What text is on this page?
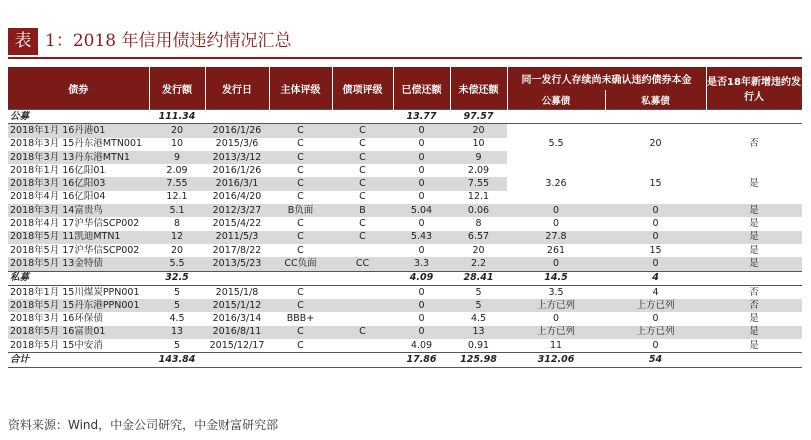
表 1：2018 年信用债违约情况汇总
债券	发行额	发行日	主体评级	债项评级	已偿还额	未偿还额	同一发行人存续尚未确认违约债券本金		是否18年新增违约发行人
							公募债	私募债	
公募	111.34				13.77	97.57			
2018年1月 16丹港01	20	2016/1/26	C	C	0	20	5.5	20	否
2018年3月 15丹东港MTN001	10	2015/3/6	C	C	0	10			
2018年3月 13丹东港MTN1	9	2013/3/12	C	C	0	9			
2018年1月 16亿阳01	2.09	2016/1/26	C	C	0	2.09	3.26	15	是
2018年3月 16亿阳03	7.55	2016/3/1	C	C	0	7.55			
2018年4月 16亿阳04	12.1	2016/4/20	C	C	0	12.1			
2018年3月 14富贵鸟	5.1	2012/3/27	B负面	B	5.04	0.06	0	0	是
2018年4月 17沪华信SCP002	8	2015/4/22	C	C	0	8	0	0	是
2018年5月 11凯迪MTN1	12	2011/5/3	C	C	5.43	6.57	27.8	0	是
2018年5月 17沪华信SCP002	20	2017/8/22	C		0	20	261	15	是
2018年5月 13金特债	5.5	2013/5/23	CC负面	CC	3.3	2.2	0	0	是
私募	32.5				4.09	28.41	14.5	4	
2018年1月 15川煤炭PPN001	5	2015/1/8	C		0	5	3.5	4	否
2018年5月 15丹东港PPN001	5	2015/1/12	C		0	5	上方已列	上方已列	否
2018年3月 16环保债	4.5	2016/3/14	BBB+		0	4.5	0	0	是
2018年5月 16富贵01	13	2016/8/11	C	C	0	13	上方已列	上方已列	是
2018年5月 15中安消	5	2015/12/17	C		4.09	0.91	11	0	是
合计	143.84				17.86	125.98	312.06	54	
资料来源：Wind，中金公司研究，中金财富研究部
